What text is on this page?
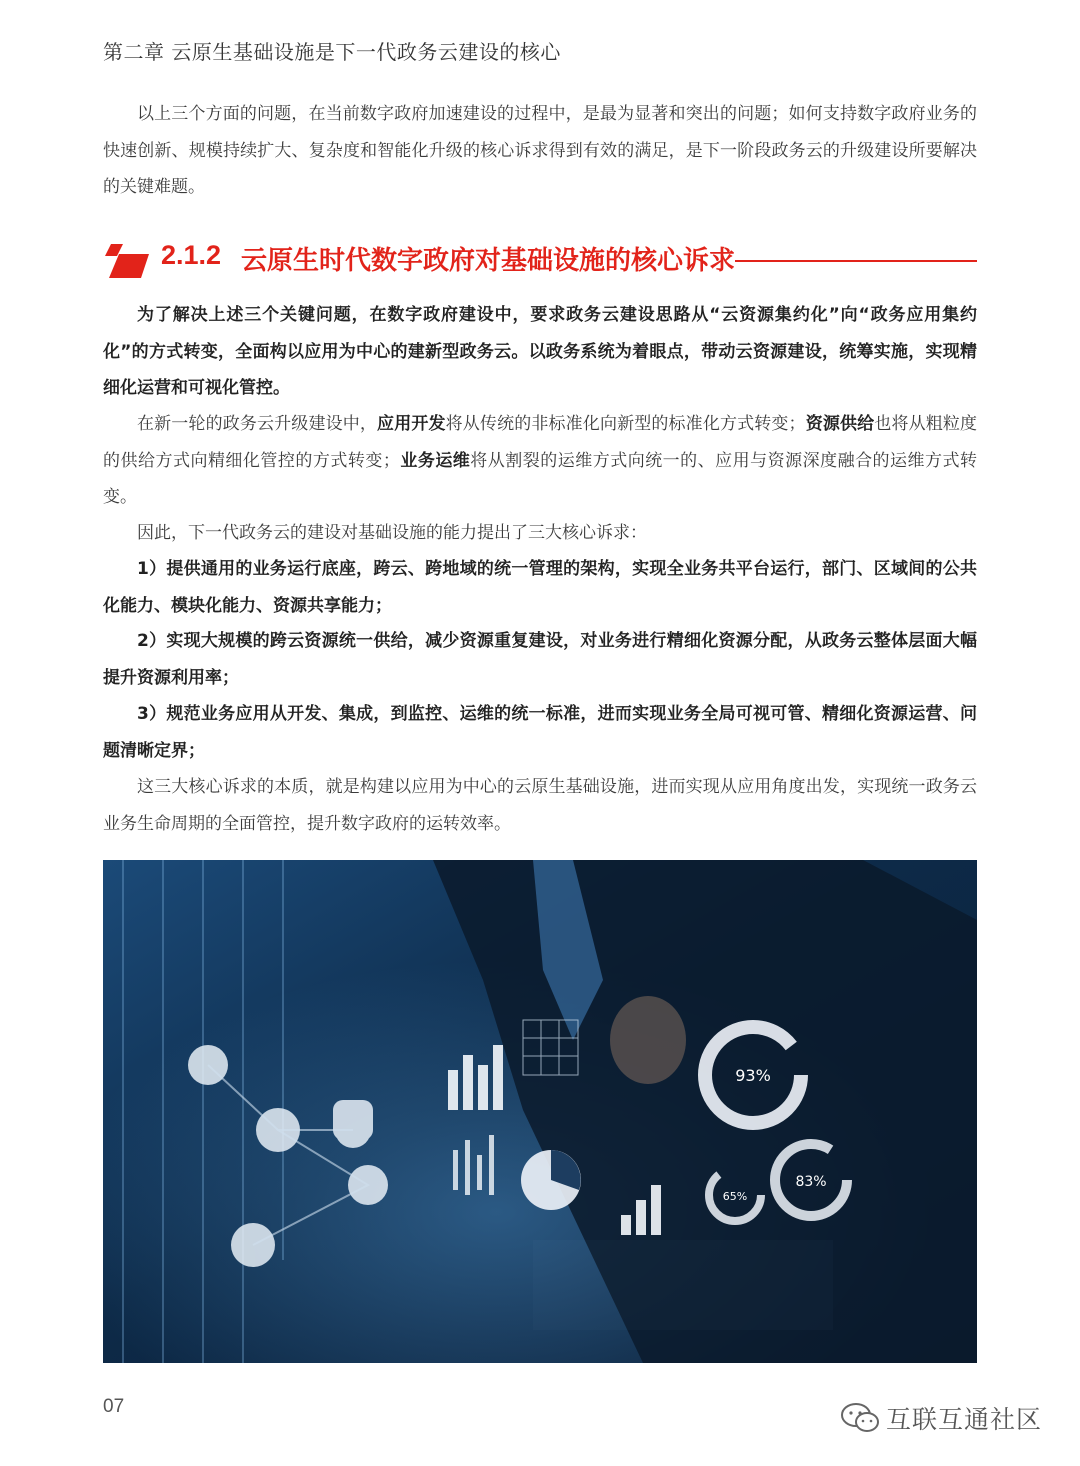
第二章 云原生基础设施是下一代政务云建设的核心

以上三个方面的问题，在当前数字政府加速建设的过程中，是最为显著和突出的问题；如何支持数字政府业务的快速创新、规模持续扩大、复杂度和智能化升级的核心诉求得到有效的满足，是下一阶段政务云的升级建设所要解决的关键难题。

2.1.2 云原生时代数字政府对基础设施的核心诉求

为了解决上述三个关键问题，在数字政府建设中，要求政务云建设思路从“云资源集约化”向“政务应用集约化”的方式转变，全面构以应用为中心的建新型政务云。以政务系统为着眼点，带动云资源建设，统筹实施，实现精细化运营和可视化管控。

在新一轮的政务云升级建设中，应用开发将从传统的非标准化向新型的标准化方式转变；资源供给也将从粗粒度的供给方式向精细化管控的方式转变；业务运维将从割裂的运维方式向统一的、应用与资源深度融合的运维方式转变。

因此，下一代政务云的建设对基础设施的能力提出了三大核心诉求：

1）提供通用的业务运行底座，跨云、跨地域的统一管理的架构，实现全业务共平台运行，部门、区域间的公共化能力、模块化能力、资源共享能力；

2）实现大规模的跨云资源统一供给，减少资源重复建设，对业务进行精细化资源分配，从政务云整体层面大幅提升资源利用率；

3）规范业务应用从开发、集成，到监控、运维的统一标准，进而实现业务全局可视可管、精细化资源运营、问题清晰定界；

这三大核心诉求的本质，就是构建以应用为中心的云原生基础设施，进而实现从应用角度出发，实现统一政务云业务生命周期的全面管控，提升数字政府的运转效率。

93%
65%
83%
07	互联互通社区
